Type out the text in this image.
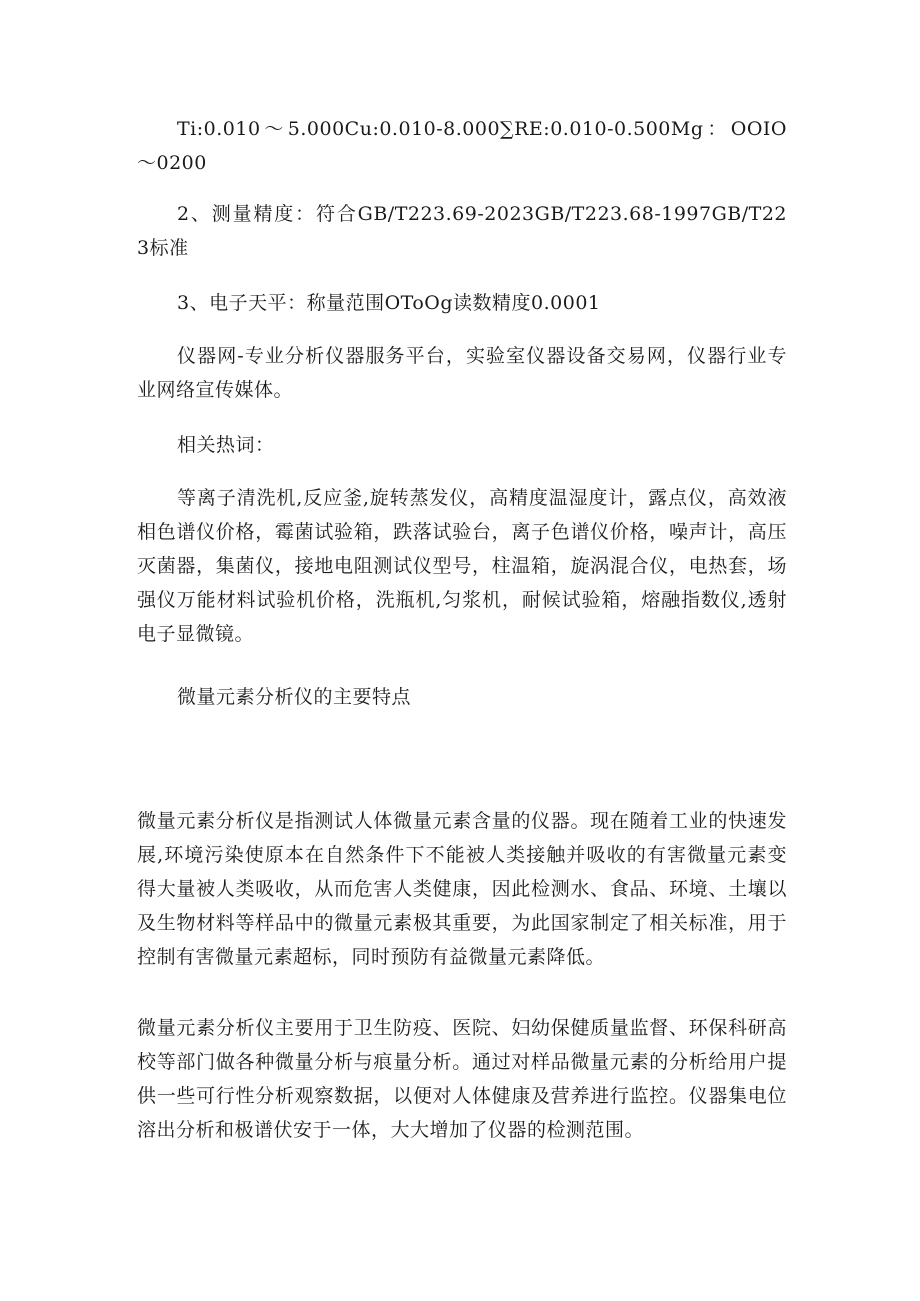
Ti:0.010～5.000Cu:0.010-8.000∑RE:0.010-0.500Mg：OOIO～0200

2、测量精度：符合GB/T223.69-2023GB/T223.68-1997GB/T223标准

3、电子天平：称量范围OToOg读数精度0.0001

仪器网-专业分析仪器服务平台，实验室仪器设备交易网，仪器行业专业网络宣传媒体。

相关热词：

等离子清洗机,反应釜,旋转蒸发仪，高精度温湿度计，露点仪，高效液相色谱仪价格，霉菌试验箱，跌落试验台，离子色谱仪价格，噪声计，高压灭菌器，集菌仪，接地电阻测试仪型号，柱温箱，旋涡混合仪，电热套，场强仪万能材料试验机价格，洗瓶机,匀浆机，耐候试验箱，熔融指数仪,透射电子显微镜。

微量元素分析仪的主要特点

微量元素分析仪是指测试人体微量元素含量的仪器。现在随着工业的快速发展,环境污染使原本在自然条件下不能被人类接触并吸收的有害微量元素变得大量被人类吸收，从而危害人类健康，因此检测水、食品、环境、土壤以及生物材料等样品中的微量元素极其重要，为此国家制定了相关标准，用于控制有害微量元素超标，同时预防有益微量元素降低。

微量元素分析仪主要用于卫生防疫、医院、妇幼保健质量监督、环保科研高校等部门做各种微量分析与痕量分析。通过对样品微量元素的分析给用户提供一些可行性分析观察数据，以便对人体健康及营养进行监控。仪器集电位溶出分析和极谱伏安于一体，大大增加了仪器的检测范围。
